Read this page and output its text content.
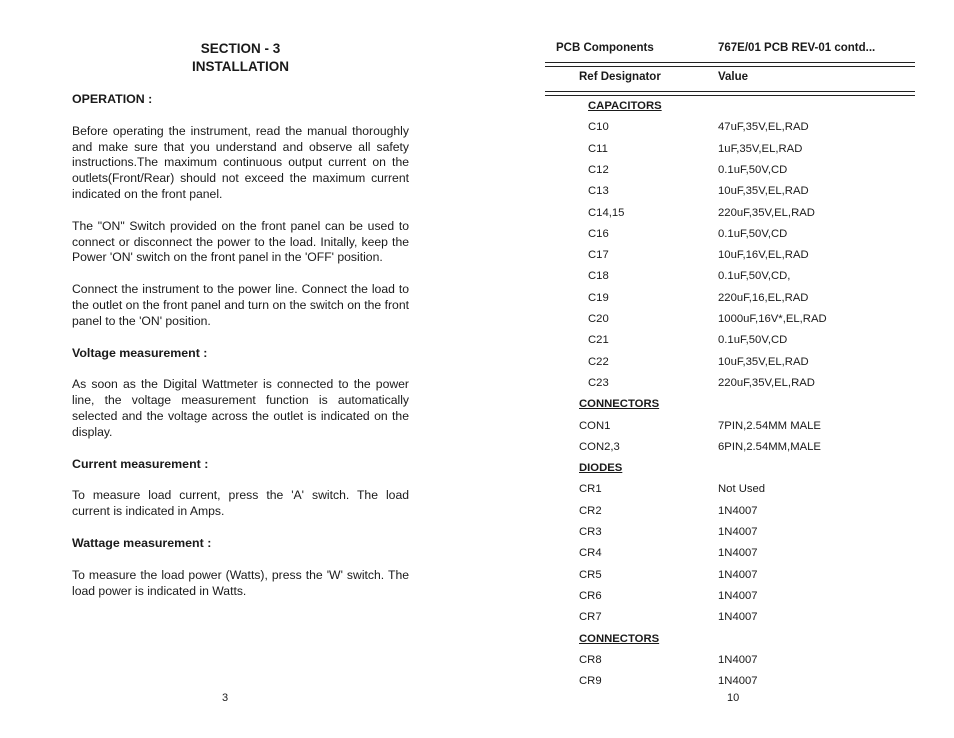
SECTION - 3

INSTALLATION

OPERATION :

Before operating the instrument, read the manual thoroughly and make sure that you understand and observe all safety instructions.The maximum continuous output current on the outlets(Front/Rear) should not exceed the maximum current indicated on the front panel.

The "ON" Switch provided on the front panel can be used to connect or disconnect the power to the load. Initally, keep the Power 'ON' switch on the front panel in the 'OFF' position.

Connect the instrument to the power line. Connect the load to the outlet on the front panel and turn on the switch on the front panel to the 'ON' position.

Voltage measurement :

As soon as the Digital Wattmeter is connected to the power line, the voltage measurement function is automatically selected and the voltage across the outlet is indicated on the display.

Current measurement :

To measure load current, press the 'A' switch. The load current is indicated in Amps.

Wattage measurement :

To measure the load power (Watts), press the 'W' switch. The load power is indicated in Watts.

3
PCB Components	767E/01 PCB REV-01 contd...
Ref Designator	Value
CAPACITORS
C10	47uF,35V,EL,RAD
C11	1uF,35V,EL,RAD
C12	0.1uF,50V,CD
C13	10uF,35V,EL,RAD
C14,15	220uF,35V,EL,RAD
C16	0.1uF,50V,CD
C17	10uF,16V,EL,RAD
C18	0.1uF,50V,CD,
C19	220uF,16,EL,RAD
C20	1000uF,16V*,EL,RAD
C21	0.1uF,50V,CD
C22	10uF,35V,EL,RAD
C23	220uF,35V,EL,RAD
CONNECTORS
CON1	7PIN,2.54MM MALE
CON2,3	6PIN,2.54MM,MALE
DIODES
CR1	Not Used
CR2	1N4007
CR3	1N4007
CR4	1N4007
CR5	1N4007
CR6	1N4007
CR7	1N4007
CONNECTORS
CR8	1N4007
CR9	1N4007
10
